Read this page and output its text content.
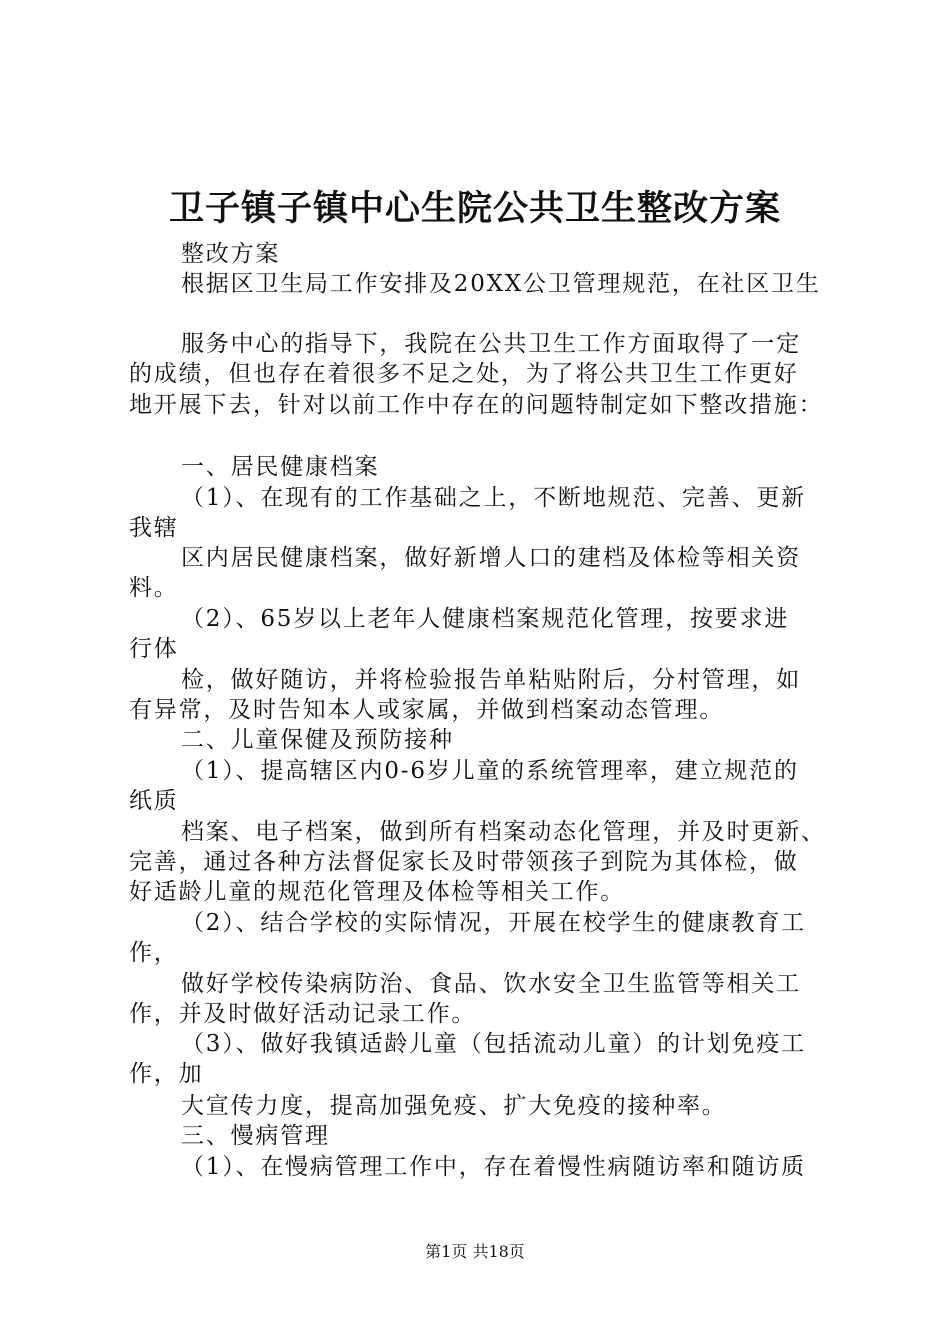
卫子镇子镇中心生院公共卫生整改方案
整改方案
根据区卫生局工作安排及20XX公卫管理规范，在社区卫生
服务中心的指导下，我院在公共卫生工作方面取得了一定
的成绩，但也存在着很多不足之处，为了将公共卫生工作更好
地开展下去，针对以前工作中存在的问题特制定如下整改措施：
一、居民健康档案
（1）、在现有的工作基础之上，不断地规范、完善、更新
我辖
区内居民健康档案，做好新增人口的建档及体检等相关资
料。
（2）、65岁以上老年人健康档案规范化管理，按要求进
行体
检，做好随访，并将检验报告单粘贴附后，分村管理，如
有异常，及时告知本人或家属，并做到档案动态管理。
二、儿童保健及预防接种
（1）、提高辖区内0-6岁儿童的系统管理率，建立规范的
纸质
档案、电子档案，做到所有档案动态化管理，并及时更新、
完善，通过各种方法督促家长及时带领孩子到院为其体检，做
好适龄儿童的规范化管理及体检等相关工作。
（2）、结合学校的实际情况，开展在校学生的健康教育工
作，
做好学校传染病防治、食品、饮水安全卫生监管等相关工
作，并及时做好活动记录工作。
（3）、做好我镇适龄儿童（包括流动儿童）的计划免疫工
作，加
大宣传力度，提高加强免疫、扩大免疫的接种率。
三、慢病管理
（1）、在慢病管理工作中，存在着慢性病随访率和随访质
第1页 共18页
